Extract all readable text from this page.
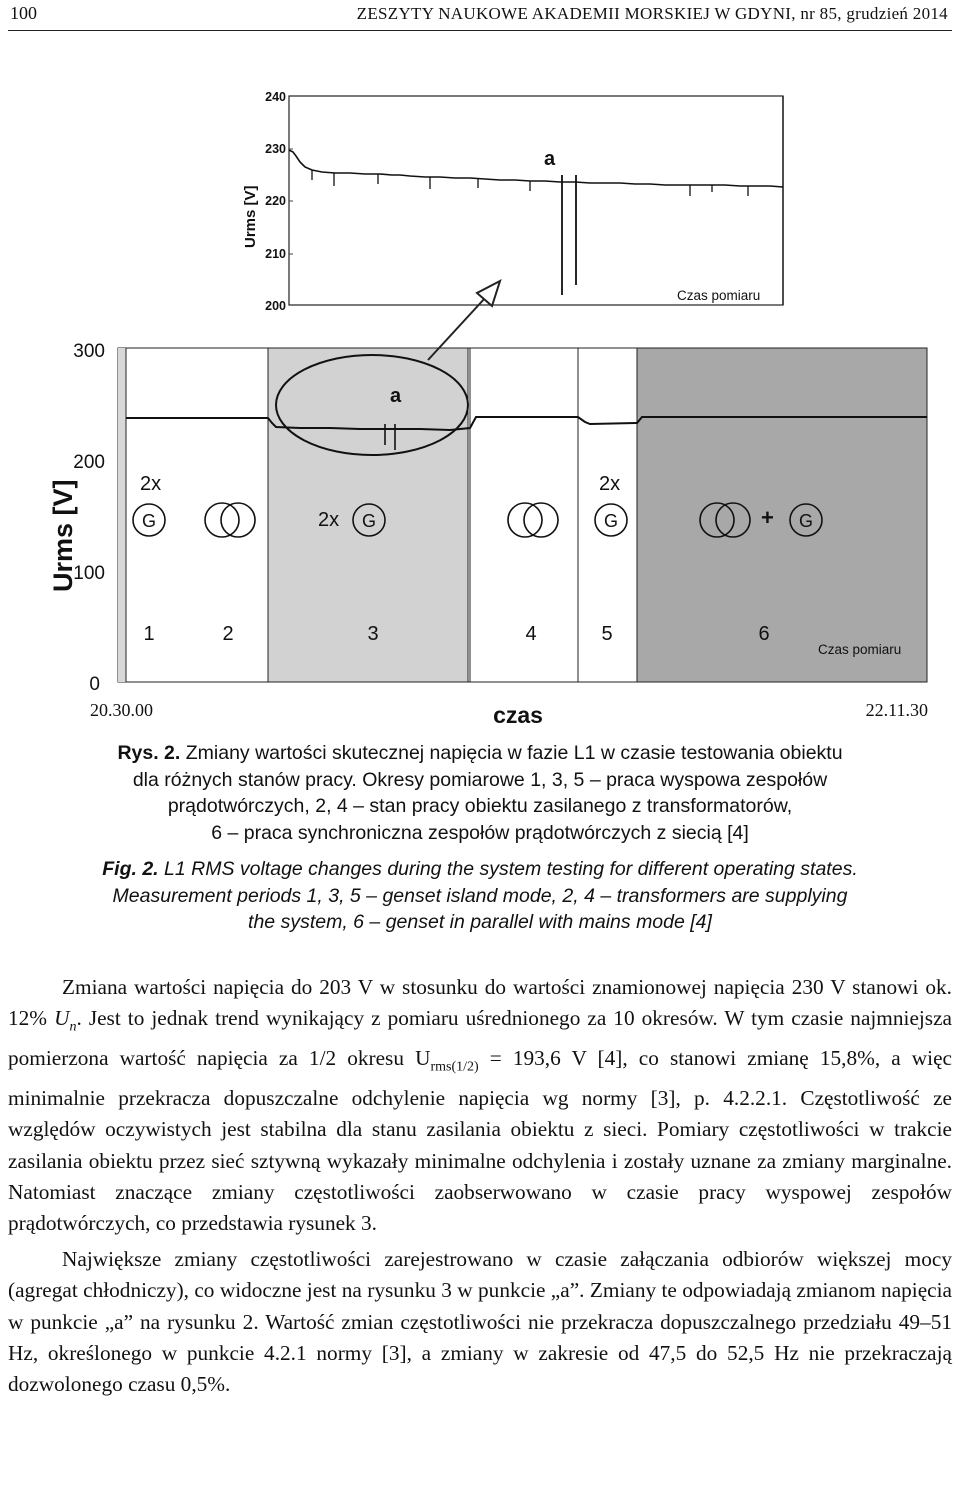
100	ZESZYTY NAUKOWE AKADEMII MORSKIEJ W GDYNI, nr 85, grudzień 2014
240
230
220
210
200
Urms [V]
a
Czas pomiaru
300
200
100
0
Urms [V]
a
2x
2x
2x
+
G	G	G	G
1	2	3	4	5	6
Czas pomiaru
20.30.00	czas	22.11.30
Rys. 2. Zmiany wartości skutecznej napięcia w fazie L1 w czasie testowania obiektu
dla różnych stanów pracy. Okresy pomiarowe 1, 3, 5 – praca wyspowa zespołów
prądotwórczych, 2, 4 – stan pracy obiektu zasilanego z transformatorów,
6 – praca synchroniczna zespołów prądotwórczych z siecią [4]
Fig. 2. L1 RMS voltage changes during the system testing for different operating states.
Measurement periods 1, 3, 5 – genset island mode, 2, 4 – transformers are supplying
the system, 6 – genset in parallel with mains mode [4]

Zmiana wartości napięcia do 203 V w stosunku do wartości znamionowej napięcia 230 V stanowi ok. 12% $U_n$. Jest to jednak trend wynikający z pomiaru uśrednionego za 10 okresów. W tym czasie najmniejsza pomierzona wartość napięcia za 1/2 okresu $U_{rms(1/2)} = 193,6$ V [4], co stanowi zmianę 15,8%, a więc minimalnie przekracza dopuszczalne odchylenie napięcia wg normy [3], p. 4.2.2.1. Częstotliwość ze względów oczywistych jest stabilna dla stanu zasilania obiektu z sieci. Pomiary częstotliwości w trakcie zasilania obiektu przez sieć sztywną wykazały minimalne odchylenia i zostały uznane za zmiany marginalne. Natomiast znaczące zmiany częstotliwości zaobserwowano w czasie pracy wyspowej zespołów prądotwórczych, co przedstawia rysunek 3.

Największe zmiany częstotliwości zarejestrowano w czasie załączania odbiorów większej mocy (agregat chłodniczy), co widoczne jest na rysunku 3 w punkcie „a”. Zmiany te odpowiadają zmianom napięcia w punkcie „a” na rysunku 2. Wartość zmian częstotliwości nie przekracza dopuszczalnego przedziału 49–51 Hz, określonego w punkcie 4.2.1 normy [3], a zmiany w zakresie od 47,5 do 52,5 Hz nie przekraczają dozwolonego czasu 0,5%.
